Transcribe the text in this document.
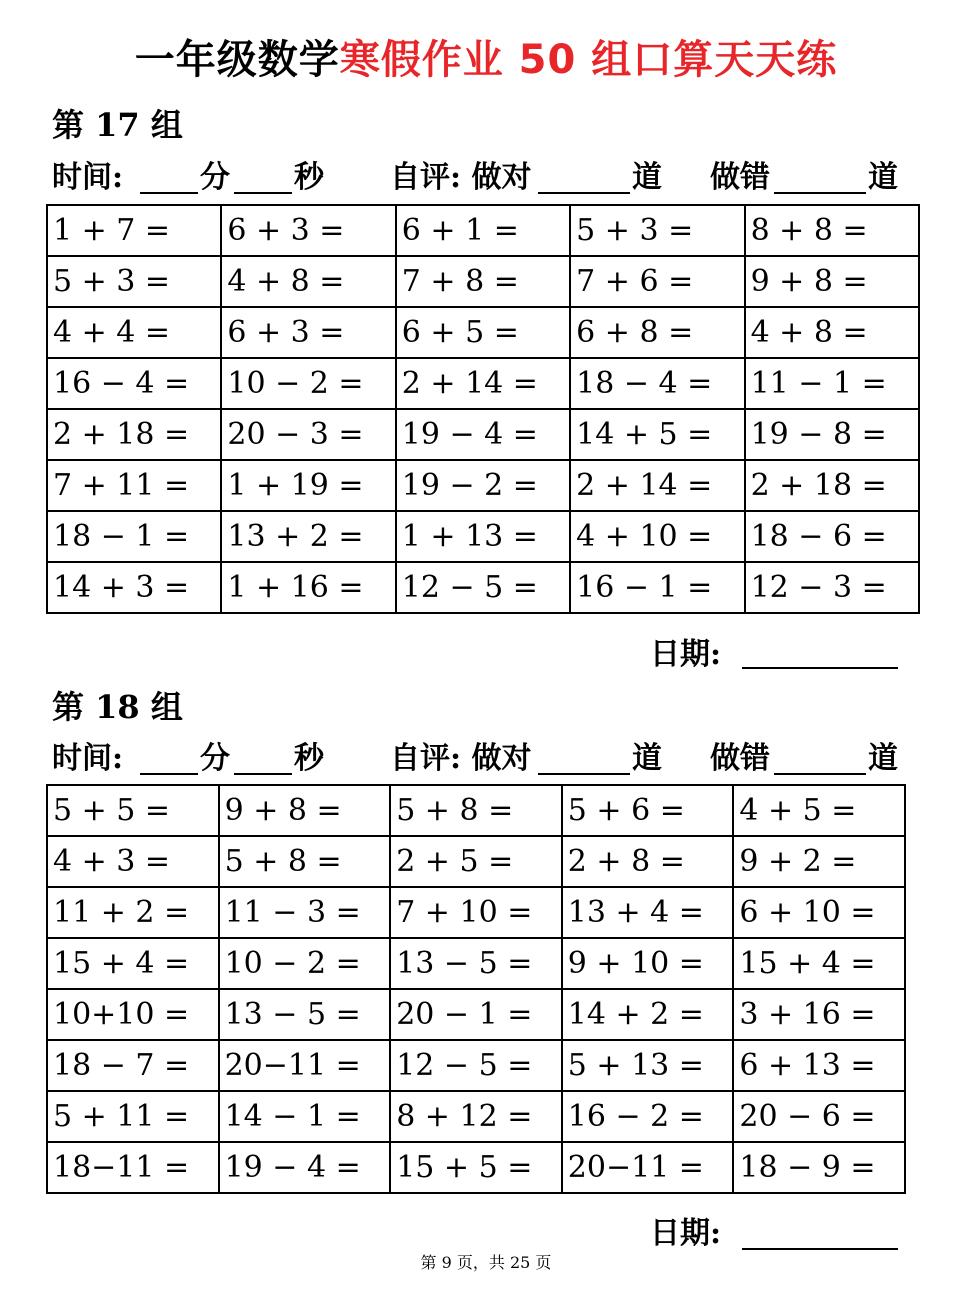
一年级数学寒假作业 50 组口算天天练
第 17 组
时间:	分 秒 自评: 做对	道 做错	道
1 + 7 =	6 + 3 =	6 + 1 =	5 + 3 =	8 + 8 =
5 + 3 =	4 + 8 =	7 + 8 =	7 + 6 =	9 + 8 =
4 + 4 =	6 + 3 =	6 + 5 =	6 + 8 =	4 + 8 =
16 − 4 =	10 − 2 =	2 + 14 =	18 − 4 =	11 − 1 =
2 + 18 =	20 − 3 =	19 − 4 =	14 + 5 =	19 − 8 =
7 + 11 =	1 + 19 =	19 − 2 =	2 + 14 =	2 + 18 =
18 − 1 =	13 + 2 =	1 + 13 =	4 + 10 =	18 − 6 =
14 + 3 =	1 + 16 =	12 − 5 =	16 − 1 =	12 − 3 =
日期:
第 18 组
时间:	分 秒 自评: 做对	道 做错	道
5 + 5 =	9 + 8 =	5 + 8 =	5 + 6 =	4 + 5 =
4 + 3 =	5 + 8 =	2 + 5 =	2 + 8 =	9 + 2 =
11 + 2 =	11 − 3 =	7 + 10 =	13 + 4 =	6 + 10 =
15 + 4 =	10 − 2 =	13 − 5 =	9 + 10 =	15 + 4 =
10+10 =	13 − 5 =	20 − 1 =	14 + 2 =	3 + 16 =
18 − 7 =	20−11 =	12 − 5 =	5 + 13 =	6 + 13 =
5 + 11 =	14 − 1 =	8 + 12 =	16 − 2 =	20 − 6 =
18−11 =	19 − 4 =	15 + 5 =	20−11 =	18 − 9 =
日期:
第 9 页，共 25 页
